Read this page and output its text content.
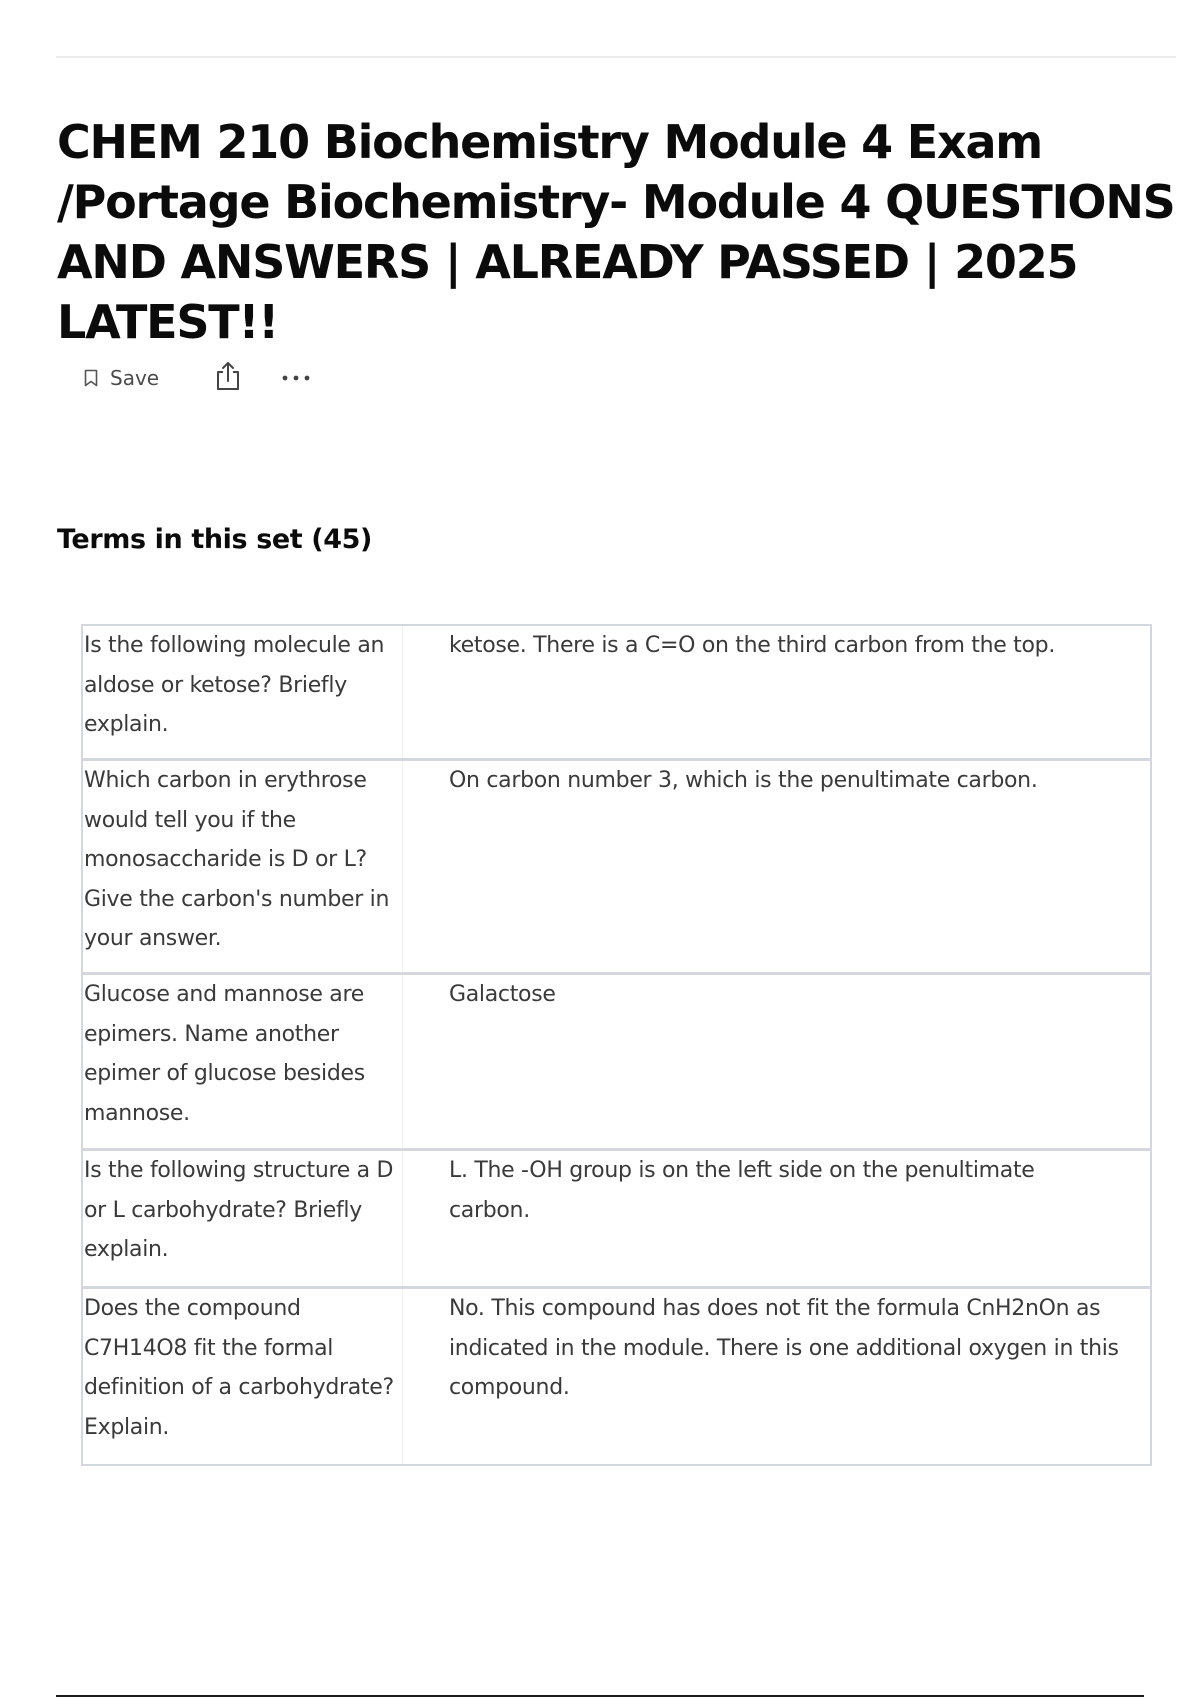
CHEM 210 Biochemistry Module 4 Exam /Portage Biochemistry- Module 4 QUESTIONS AND ANSWERS | ALREADY PASSED | 2025 LATEST!!
Save
Terms in this set (45)
Is the following molecule an aldose or ketose? Briefly explain.
ketose. There is a C=O on the third carbon from the top.
Which carbon in erythrose would tell you if the monosaccharide is D or L? Give the carbon's number in your answer.
On carbon number 3, which is the penultimate carbon.
Glucose and mannose are epimers. Name another epimer of glucose besides mannose.
Galactose
Is the following structure a D or L carbohydrate? Briefly explain.
L. The -OH group is on the left side on the penultimate carbon.
Does the compound C7H14O8 fit the formal definition of a carbohydrate? Explain.
No. This compound has does not fit the formula CnH2nOn as indicated in the module. There is one additional oxygen in this compound.
